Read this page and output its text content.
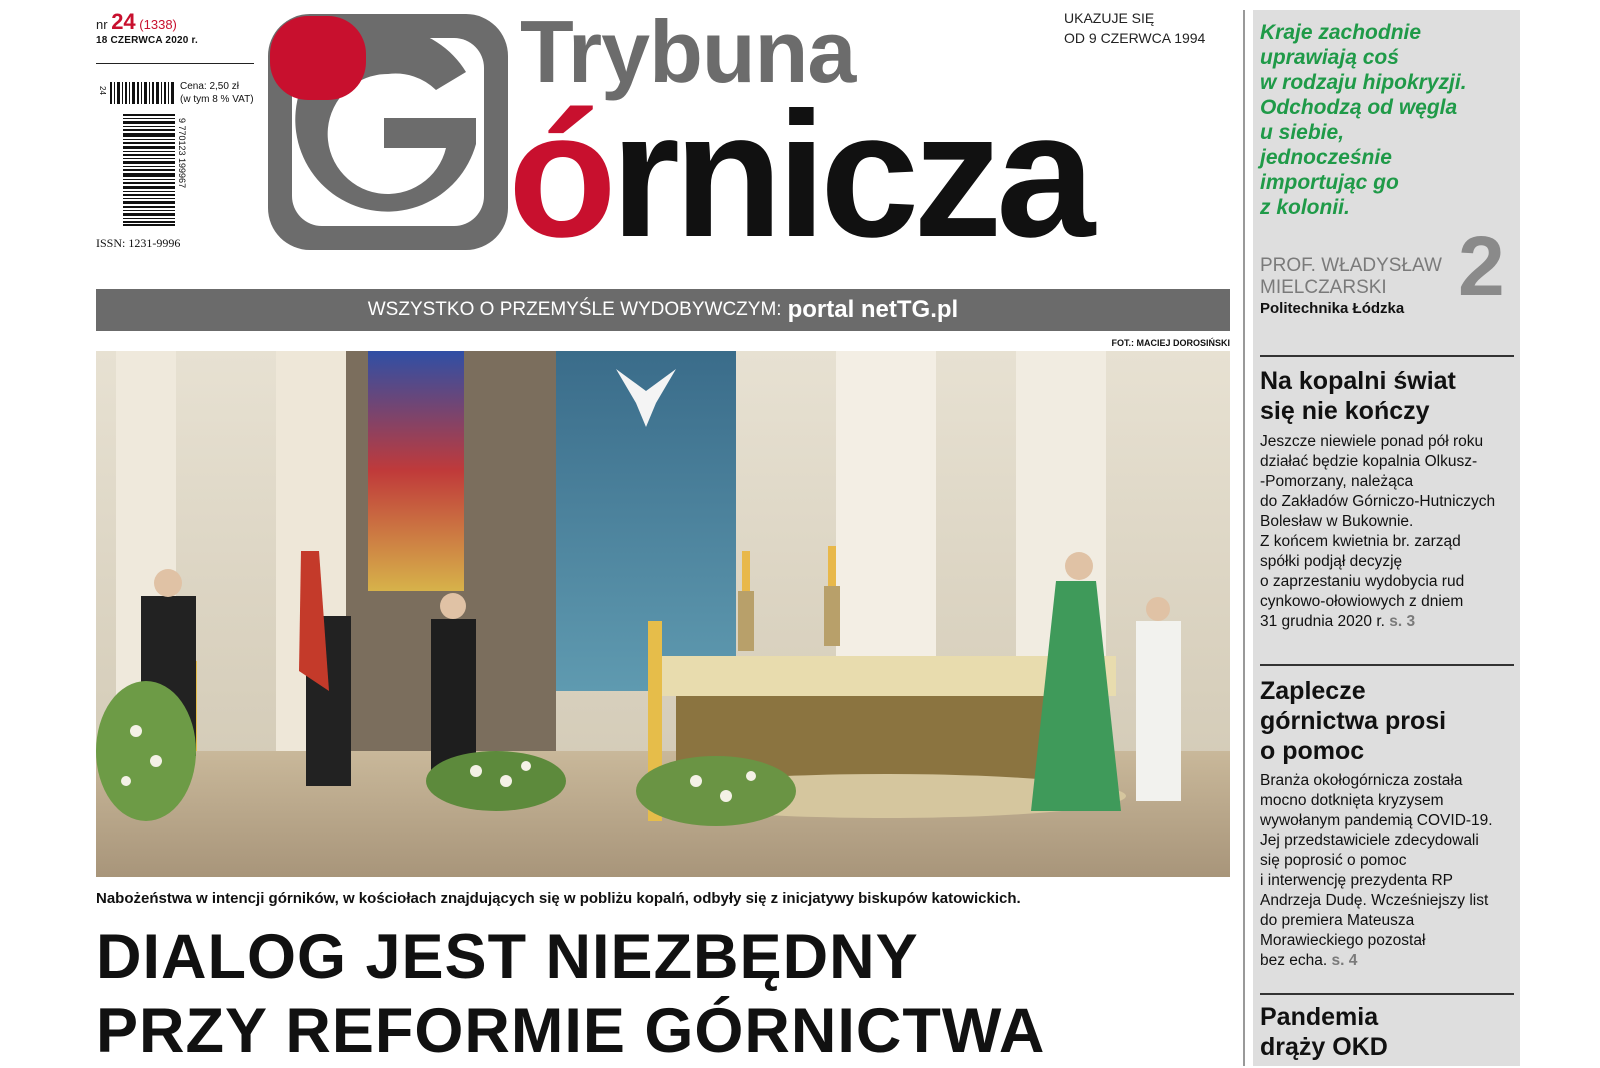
nr 24 (1338)
18 CZERWCA 2020 r.
24	Cena: 2,50 zł
(w tym 8 % VAT)
9 770123 199967
ISSN: 1231-9996
Trybuna
órnicza
UKAZUJE SIĘ
OD 9 CZERWCA 1994
WSZYSTKO O PRZEMYŚLE WYDOBYWCZYM: portal netTG.pl
FOT.: MACIEJ DOROSIŃSKI
Nabożeństwa w intencji górników, w kościołach znajdujących się w pobliżu kopalń, odbyły się z inicjatywy biskupów katowickich.
DIALOG JEST NIEZBĘDNY
PRZY REFORMIE GÓRNICTWA
Kraje zachodnie
uprawiają coś
w rodzaju hipokryzji.
Odchodzą od węgla
u siebie,
jednocześnie
importując go
z kolonii.
PROF. WŁADYSŁAW
MIELCZARSKI
Politechnika Łódzka 2
Na kopalni świat
się nie kończy
Jeszcze niewiele ponad pół roku
działać będzie kopalnia Olkusz-
-Pomorzany, należąca
do Zakładów Górniczo-Hutniczych
Bolesław w Bukownie.
Z końcem kwietnia br. zarząd
spółki podjął decyzję
o zaprzestaniu wydobycia rud
cynkowo-ołowiowych z dniem
31 grudnia 2020 r. s. 3
Zaplecze
górnictwa prosi
o pomoc
Branża okołogórnicza została
mocno dotknięta kryzysem
wywołanym pandemią COVID-19.
Jej przedstawiciele zdecydowali
się poprosić o pomoc
i interwencję prezydenta RP
Andrzeja Dudę. Wcześniejszy list
do premiera Mateusza
Morawieckiego pozostał
bez echa. s. 4
Pandemia
drąży OKD
